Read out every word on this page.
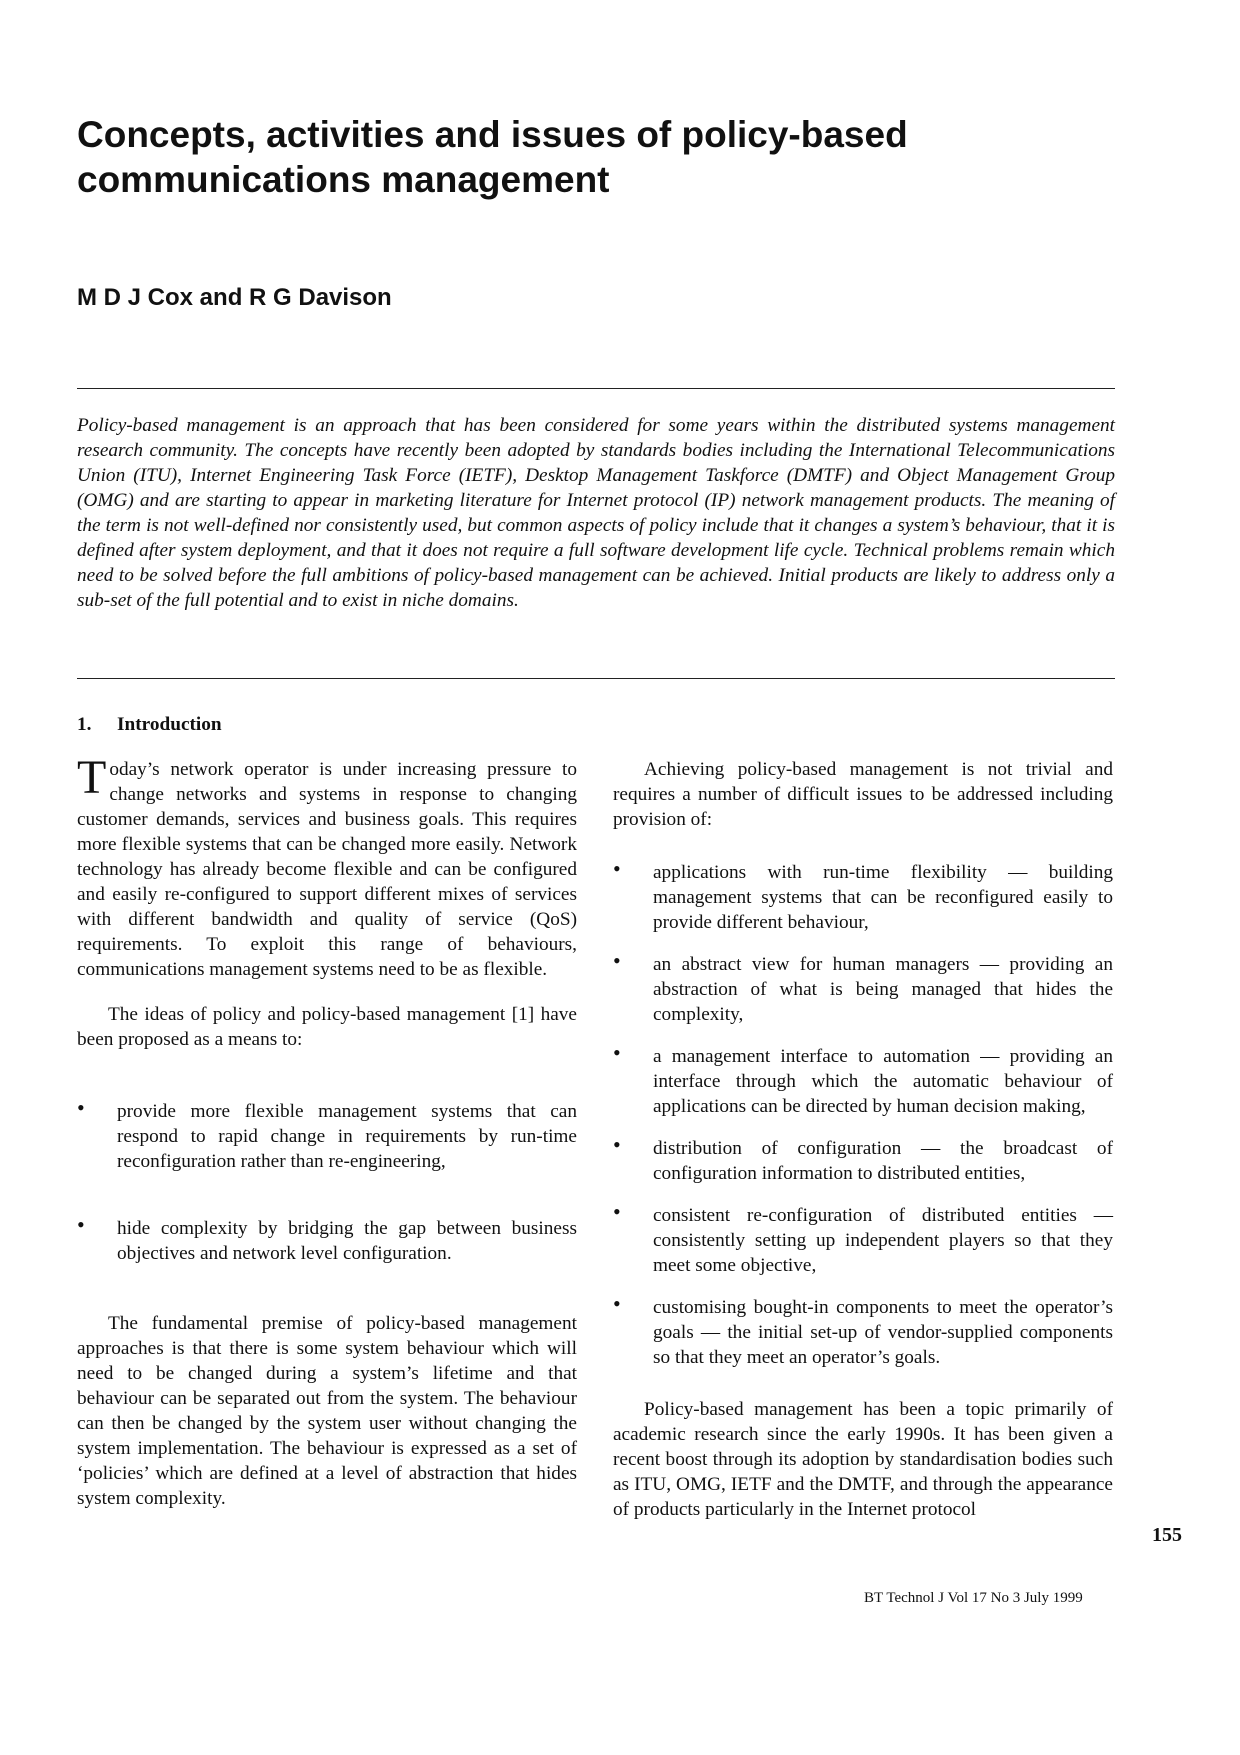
Concepts, activities and issues of policy-based communications management
M D J Cox and R G Davison

Policy-based management is an approach that has been considered for some years within the distributed systems management research community. The concepts have recently been adopted by standards bodies including the International Telecommunications Union (ITU), Internet Engineering Task Force (IETF), Desktop Management Taskforce (DMTF) and Object Management Group (OMG) and are starting to appear in marketing literature for Internet protocol (IP) network management products. The meaning of the term is not well-defined nor consistently used, but common aspects of policy include that it changes a system’s behaviour, that it is defined after system deployment, and that it does not require a full software development life cycle. Technical problems remain which need to be solved before the full ambitions of policy-based management can be achieved. Initial products are likely to address only a sub-set of the full potential and to exist in niche domains.

1. Introduction

Today’s network operator is under increasing pressure to change networks and systems in response to changing customer demands, services and business goals. This requires more flexible systems that can be changed more easily. Network technology has already become flexible and can be configured and easily re-configured to support different mixes of services with different bandwidth and quality of service (QoS) requirements. To exploit this range of behaviours, communications management systems need to be as flexible.

The ideas of policy and policy-based management [1] have been proposed as a means to:

• provide more flexible management systems that can respond to rapid change in requirements by run-time reconfiguration rather than re-engineering,
• hide complexity by bridging the gap between business objectives and network level configuration.

The fundamental premise of policy-based management approaches is that there is some system behaviour which will need to be changed during a system’s lifetime and that behaviour can be separated out from the system. The behaviour can then be changed by the system user without changing the system implementation. The behaviour is expressed as a set of ‘policies’ which are defined at a level of abstraction that hides system complexity.

Achieving policy-based management is not trivial and requires a number of difficult issues to be addressed including provision of:

• applications with run-time flexibility — building management systems that can be reconfigured easily to provide different behaviour,
• an abstract view for human managers — providing an abstraction of what is being managed that hides the complexity,
• a management interface to automation — providing an interface through which the automatic behaviour of applications can be directed by human decision making,
• distribution of configuration — the broadcast of configuration information to distributed entities,
• consistent re-configuration of distributed entities — consistently setting up independent players so that they meet some objective,
• customising bought-in components to meet the operator’s goals — the initial set-up of vendor-supplied components so that they meet an operator’s goals.

Policy-based management has been a topic primarily of academic research since the early 1990s. It has been given a recent boost through its adoption by standardisation bodies such as ITU, OMG, IETF and the DMTF, and through the appearance of products particularly in the Internet protocol

155
BT Technol J Vol 17 No 3 July 1999
